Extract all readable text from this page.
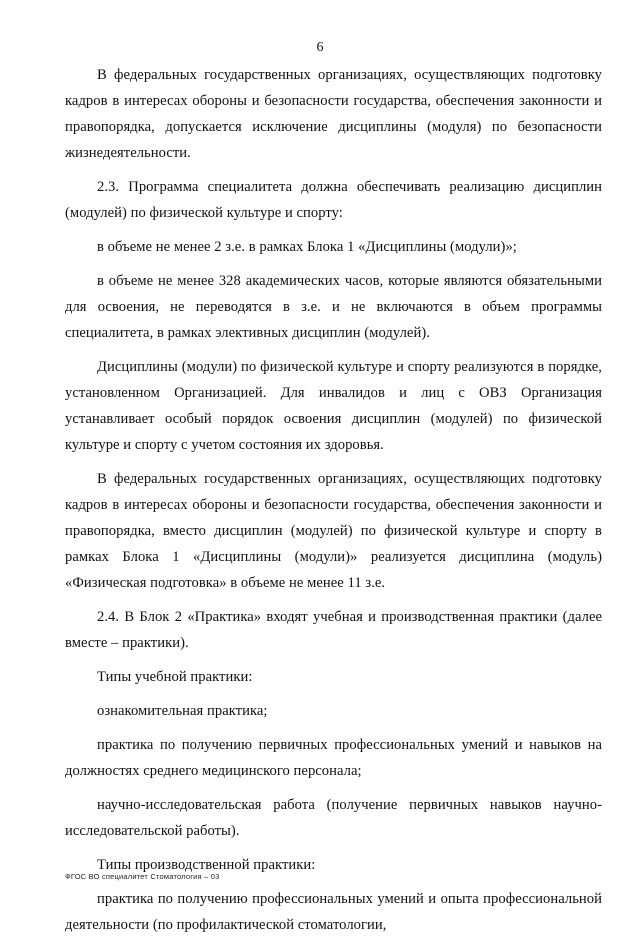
6

В федеральных государственных организациях, осуществляющих подготовку кадров в интересах обороны и безопасности государства, обеспечения законности и правопорядка, допускается исключение дисциплины (модуля) по безопасности жизнедеятельности.

2.3. Программа специалитета должна обеспечивать реализацию дисциплин (модулей) по физической культуре и спорту:

в объеме не менее 2 з.е. в рамках Блока 1 «Дисциплины (модули)»;

в объеме не менее 328 академических часов, которые являются обязательными для освоения, не переводятся в з.е. и не включаются в объем программы специалитета, в рамках элективных дисциплин (модулей).

Дисциплины (модули) по физической культуре и спорту реализуются в порядке, установленном Организацией. Для инвалидов и лиц с ОВЗ Организация устанавливает особый порядок освоения дисциплин (модулей) по физической культуре и спорту с учетом состояния их здоровья.

В федеральных государственных организациях, осуществляющих подготовку кадров в интересах обороны и безопасности государства, обеспечения законности и правопорядка, вместо дисциплин (модулей) по физической культуре и спорту в рамках Блока 1 «Дисциплины (модули)» реализуется дисциплина (модуль) «Физическая подготовка» в объеме не менее 11 з.е.

2.4. В Блок 2 «Практика» входят учебная и производственная практики (далее вместе – практики).

Типы учебной практики:

ознакомительная практика;

практика по получению первичных профессиональных умений и навыков на должностях среднего медицинского персонала;

научно-исследовательская работа (получение первичных навыков научно-исследовательской работы).

Типы производственной практики:

практика по получению профессиональных умений и опыта профессиональной деятельности (по профилактической стоматологии,

ФГОС ВО специалитет Стоматология – 03
